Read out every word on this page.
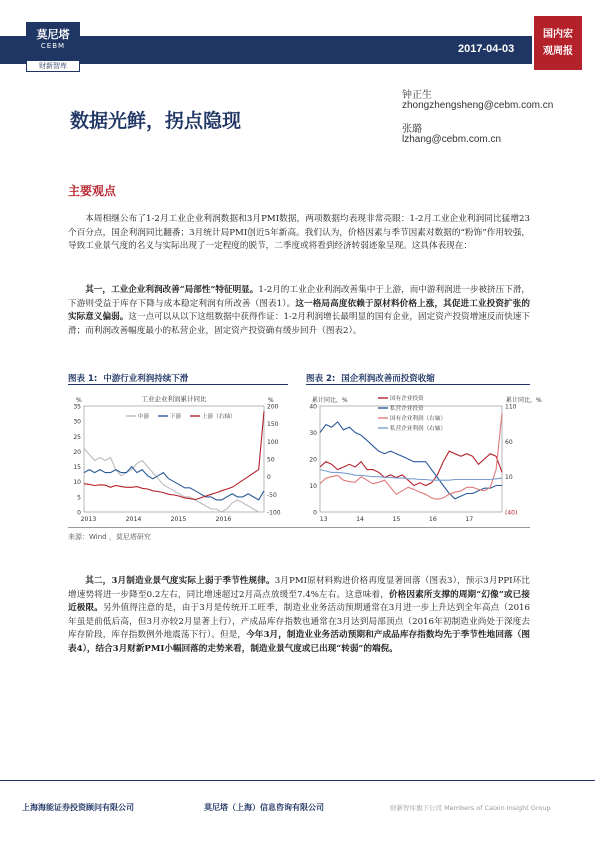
莫尼塔
CEBM
财新智库
2017-04-03
国内宏
观周报
钟正生
zhongzhengsheng@cebm.com.cn
张璐
lzhang@cebm.com.cn
数据光鲜，拐点隐现
主要观点
本周相继公布了1-2月工业企业利润数据和3月PMI数据，两项数据均表现非常亮眼：1-2月工业企业利润同比猛增23个百分点，国企利润同比翻番；3月统计局PMI创近5年新高。我们认为，价格因素与季节因素对数据的“粉饰”作用较强，导致工业景气度的名义与实际出现了一定程度的脱节，二季度或将看到经济转弱迹象呈现。这具体表现在：
其一，工业企业利润改善“局部性”特征明显。1-2月的工业企业利润改善集中于上游，而中游利润进一步被挤压下滑，下游则受益于库存下降与成本稳定利润有所改善（图表1）。这一格局高度依赖于原材料价格上涨，其促进工业投资扩张的实际意义偏弱。这一点可以从以下这组数据中获得作证：1-2月利润增长最明显的国有企业，固定资产投资增速反而快速下滑；而利润改善幅度最小的私营企业，固定资产投资确有缓步回升（图表2）。
图表 1: 中游行业利润持续下滑	图表 2: 国企利润改善而投资收缩
0
5
10
15
20
25
30
35
-100
-50
0
50
100
150
200
2013	2014	2015	2016
%	%
中游	下游	上游（右轴）
工业企业利润累计同比
0
10
20
30
40
(40)
10
60
110
13	14	15	16	17
累计同比，%	累计同比，%
国有企业投资
私营企业投资
国有企业利润（右轴）
私营企业利润（右轴）
来源：Wind ，莫尼塔研究
其二，3月制造业景气度实际上弱于季节性规律。3月PMI原材料购进价格再度显著回落（图表3），预示3月PPI环比增速势将进一步降至0.2左右，同比增速超过2月高点放缓至7.4%左右。这意味着，价格因素所支撑的周期“幻像”或已接近极限。另外值得注意的是，由于3月是传统开工旺季，制造业业务活动预期通常在3月进一步上升达到全年高点（2016年虽是前低后高，但3月亦较2月显著上行），产成品库存指数也通常在3月达到局部顶点（2016年初制造业尚处于深度去库存阶段，库存指数例外地震荡下行）。但是，今年3月，制造业业务活动预期和产成品库存指数均先于季节性地回落（图表4），结合3月财新PMI小幅回落的走势来看，制造业景气度或已出现“转弱”的端倪。
上海海能证券投资顾问有限公司	莫尼塔（上海）信息咨询有限公司	财新智库旗下公司 Members of Caixin Insight Group
